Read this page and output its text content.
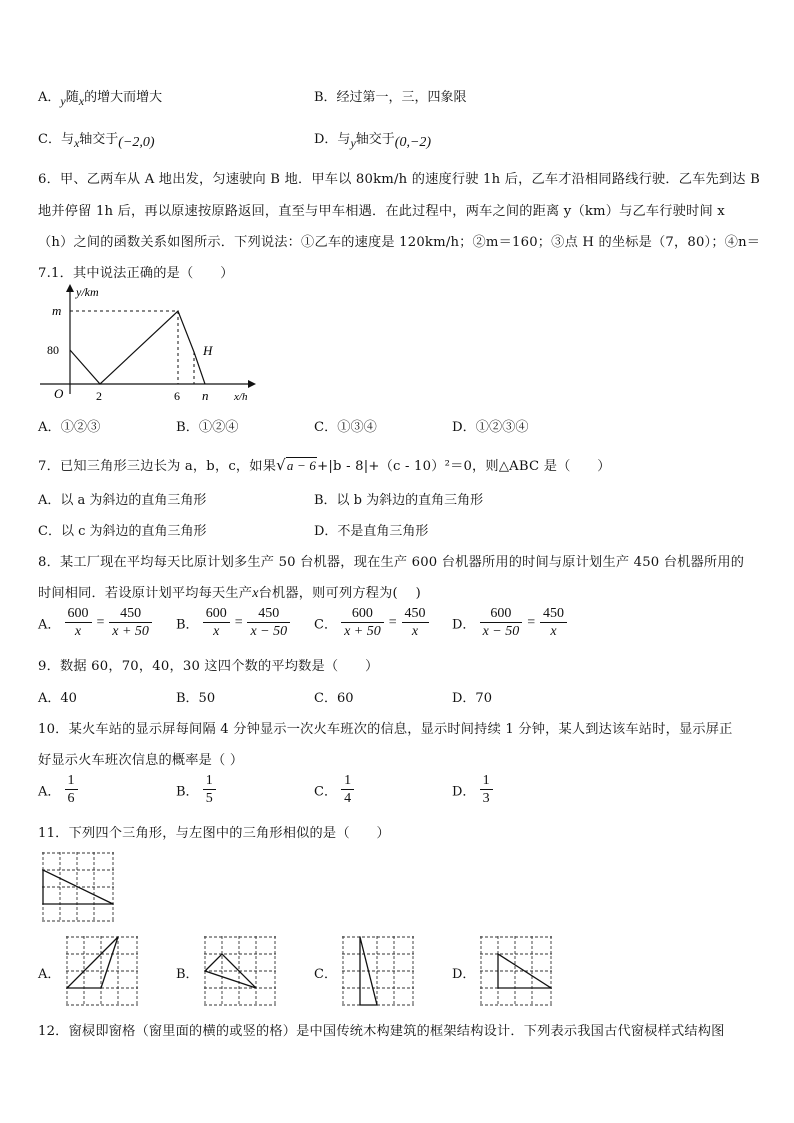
A．y随x的增大而增大	B．经过第一，三，四象限
C．与x轴交于(−2,0)	D．与y轴交于(0,−2)
6．甲、乙两车从 A 地出发，匀速驶向 B 地．甲车以 80km/h 的速度行驶 1h 后，乙车才沿相同路线行驶．乙车先到达 B
地并停留 1h 后，再以原速按原路返回，直至与甲车相遇．在此过程中，两车之间的距离 y（km）与乙车行驶时间 x
（h）之间的函数关系如图所示．下列说法：①乙车的速度是 120km/h；②m＝160；③点 H 的坐标是（7，80）；④n＝
7.1．其中说法正确的是（　　）
y/km
x/h
m
80
O	2	6 n
H
A．①②③	B．①②④	C．①③④	D．①②③④
7．已知三角形三边长为 a，b，c，如果√a − 6+|b - 8|+（c - 10）²＝0，则△ABC 是（　　）
A．以 a 为斜边的直角三角形	B．以 b 为斜边的直角三角形
C．以 c 为斜边的直角三角形	D．不是直角三角形
8．某工厂现在平均每天比原计划多生产 50 台机器，现在生产 600 台机器所用的时间与原计划生产 450 台机器所用的
时间相同．若设原计划平均每天生产x台机器，则可列方程为(　 )
A． $\frac{600}{x} = \frac{450}{x + 50}$ B． $\frac{600}{x} = \frac{450}{x - 50}$ C． $\frac{600}{x + 50} = \frac{450}{x}$ D． $\frac{600}{x - 50} = \frac{450}{x}$
9．数据 60，70，40，30 这四个数的平均数是（　　）
A．40	B．50	C．60	D．70
10．某火车站的显示屏每间隔 4 分钟显示一次火车班次的信息，显示时间持续 1 分钟，某人到达该车站时，显示屏正
好显示火车班次信息的概率是（ ）
A． $\frac{1}{6}$	B． $\frac{1}{5}$	C． $\frac{1}{4}$	D． $\frac{1}{3}$
11．下列四个三角形，与左图中的三角形相似的是（　　）
A．	B．	C．	D．
12．窗棂即窗格（窗里面的横的或竖的格）是中国传统木构建筑的框架结构设计．下列表示我国古代窗棂样式结构图
